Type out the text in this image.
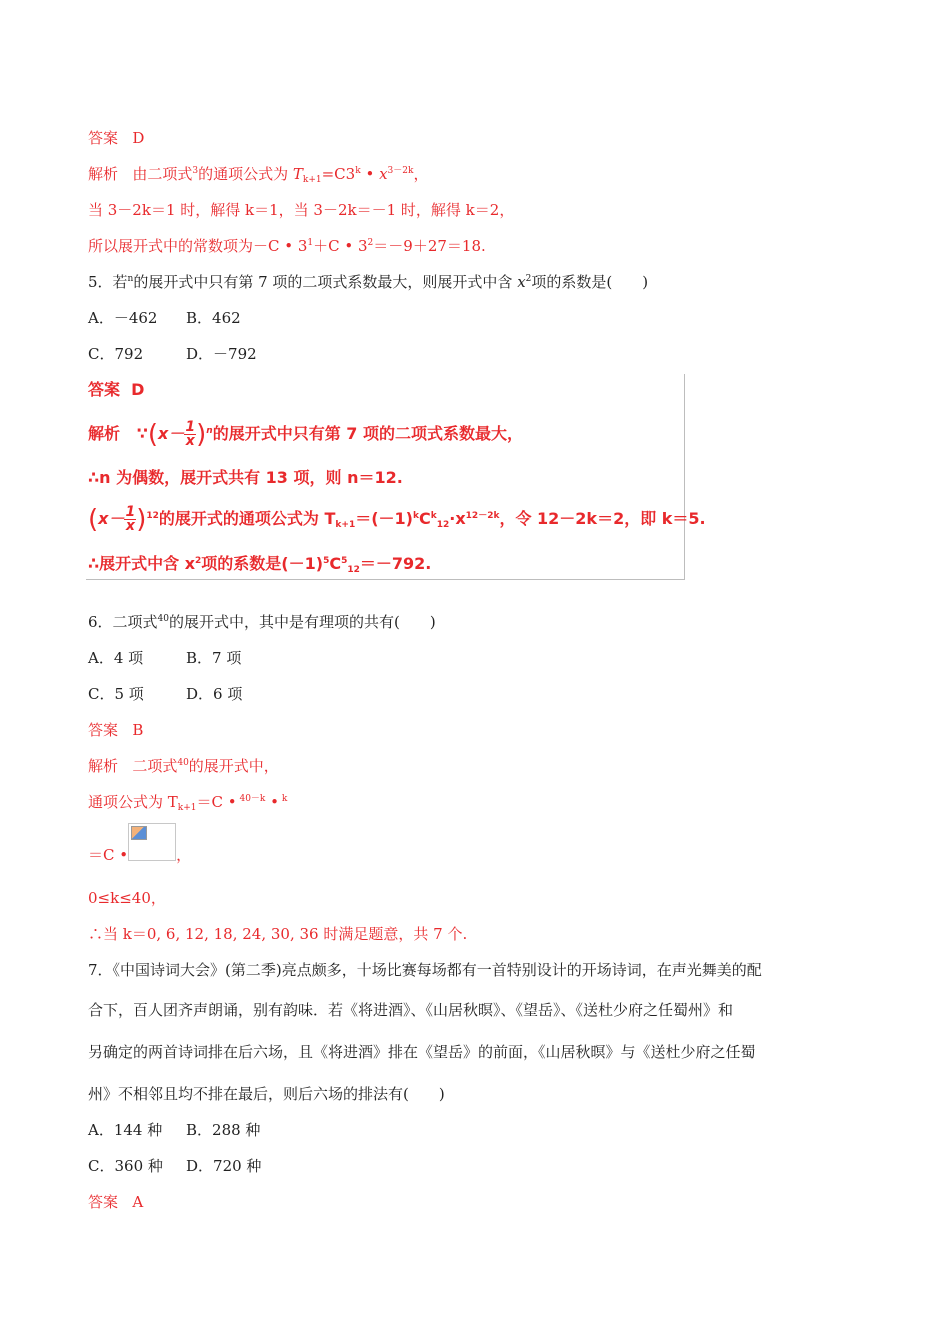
答案 D
解析 由二项式$^3$的通项公式为 $T_{k+1}=C3^k$ • $x^{3-2k}$，
当 3－2k＝1 时，解得 k＝1，当 3－2k＝－1 时，解得 k＝2，
所以展开式中的常数项为－C • $3^1+C$ • $3^2=-9+27=18$.
5．若$^n$的展开式中只有第 7 项的二项式系数最大，则展开式中含 $x^2$项的系数是(　　)
A．－462 B．462
C．792	D．－792
答案 D
解析 ∵(x－ $\frac{1}{x} )^n$的展开式中只有第 7 项的二项式系数最大，
∴n 为偶数，展开式共有 13 项，则 n＝12.
$(x- \frac{1}{x} )^{12}$的展开式的通项公式为 $T_{k+1}=(-1)^kC^k_{12}\cdot x^{12-2k}$，令 12－2k＝2，即 k＝5.
∴展开式中含 $x^2$项的系数是$(-1)^5C^5_{12}=-792$.
6．二项式$^{40}$的展开式中，其中是有理项的共有(　　)
A．4 项	B．7 项
C．5 项	D．6 项
答案 B
解析 二项式$^{40}$的展开式中，
通项公式为 $T_{k+1}=C$ • $^{40-k}$ • $^k$
＝C •	，
0≤k≤40，
∴当 k＝0, 6, 12, 18, 24, 30, 36 时满足题意，共 7 个.
7．《中国诗词大会》(第二季)亮点颇多，十场比赛每场都有一首特别设计的开场诗词，在声光舞美的配
合下，百人团齐声朗诵，别有韵味．若《将进酒》、《山居秋暝》、《望岳》、《送杜少府之任蜀州》和
另确定的两首诗词排在后六场，且《将进酒》排在《望岳》的前面，《山居秋暝》与《送杜少府之任蜀
州》不相邻且均不排在最后，则后六场的排法有(　　)
A．144 种 B．288 种
C．360 种 D．720 种
答案 A
